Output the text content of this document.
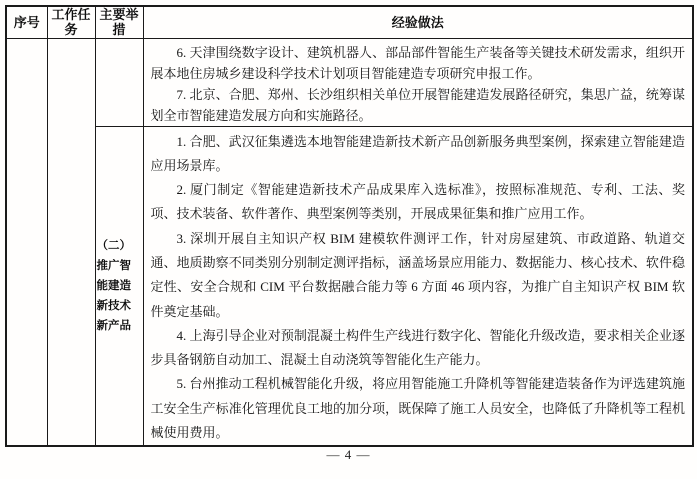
序号	工作任务	主要举措	经验做法

			6. 天津围绕数字设计、建筑机器人、部品部件智能生产装备等关键技术研发需求，组织开展本地住房城乡建设科学技术计划项目智能建造专项研究申报工作。

7. 北京、合肥、郑州、长沙组织相关单位开展智能建造发展路径研究，集思广益，统筹谋划全市智能建造发展方向和实施路径。

		（二）推广智能建造新技术新产品	1. 合肥、武汉征集遴选本地智能建造新技术新产品创新服务典型案例，探索建立智能建造应用场景库。

2. 厦门制定《智能建造新技术产品成果库入选标准》，按照标准规范、专利、工法、奖项、技术装备、软件著作、典型案例等类别，开展成果征集和推广应用工作。

3. 深圳开展自主知识产权 BIM 建模软件测评工作，针对房屋建筑、市政道路、轨道交通、地质勘察不同类别分别制定测评指标，涵盖场景应用能力、数据能力、核心技术、软件稳定性、安全合规和 CIM 平台数据融合能力等 6 方面 46 项内容，为推广自主知识产权 BIM 软件奠定基础。

4. 上海引导企业对预制混凝土构件生产线进行数字化、智能化升级改造，要求相关企业逐步具备钢筋自动加工、混凝土自动浇筑等智能化生产能力。

5. 台州推动工程机械智能化升级，将应用智能施工升降机等智能建造装备作为评选建筑施工安全生产标准化管理优良工地的加分项，既保障了施工人员安全，也降低了升降机等工程机械使用费用。

— 4 —
